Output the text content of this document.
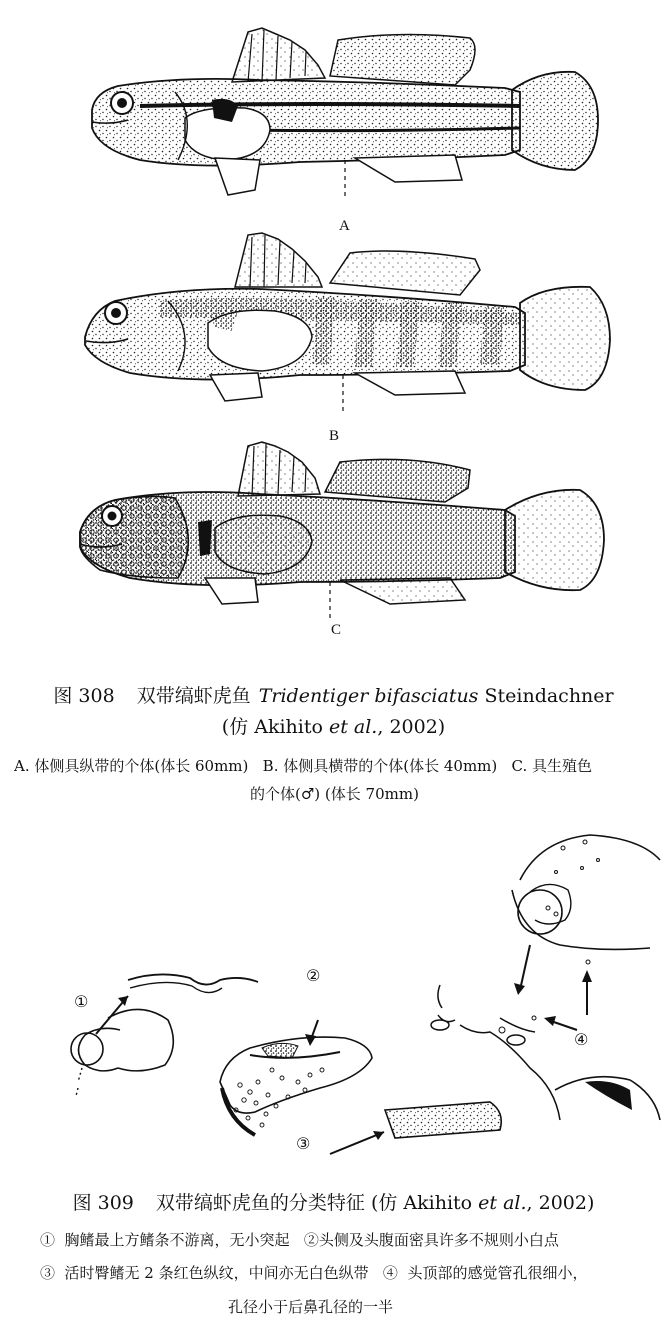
A
B
C
图 308 双带缟虾虎鱼 Tridentiger bifasciatus Steindachner
(仿 Akihito et al., 2002)
A. 体侧具纵带的个体(体长 60mm)   B. 体侧具横带的个体(体长 40mm)   C. 具生殖色
的个体(♂) (体长 70mm)
①
②
③
④
图 309 双带缟虾虎鱼的分类特征 (仿 Akihito et al., 2002)
①  胸鳍最上方鳍条不游离，无小突起   ②头侧及头腹面密具许多不规则小白点
③  活时臀鳍无 2 条红色纵纹，中间亦无白色纵带   ④  头顶部的感觉管孔很细小，
孔径小于后鼻孔径的一半
